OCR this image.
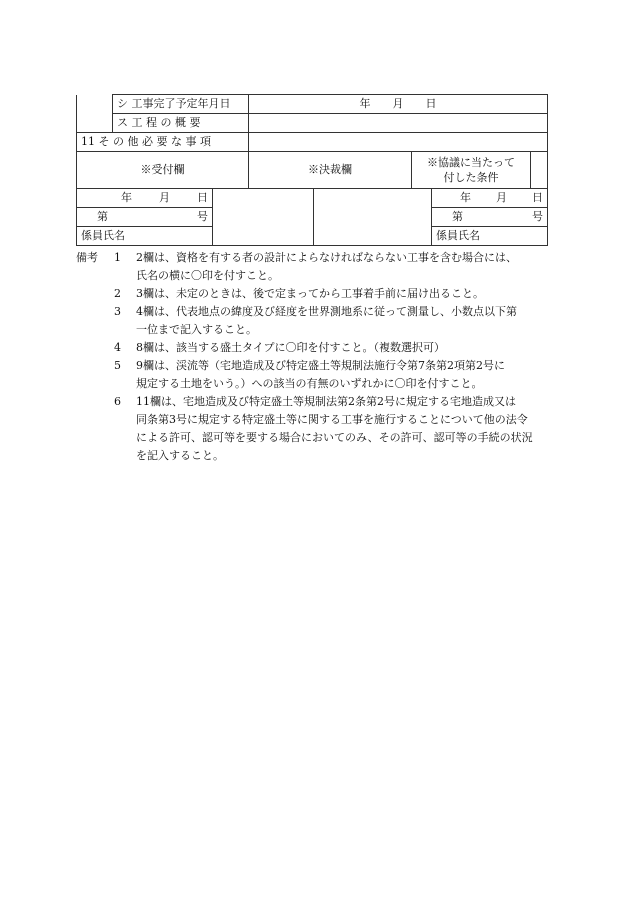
	シ 工事完了予定年月日	年　　月　　日		
	ス 工 程 の 概 要			
11 そ の 他 必 要 な 事 項				
※受付欄		※決裁欄	※協議に当たって
付した条件	
年 月 日			年 月 日

第 号			第 号

係員氏名			係員氏名
備考	1	2欄は、資格を有する者の設計によらなければならない工事を含む場合には、
氏名の横に〇印を付すこと。
2	3欄は、未定のときは、後で定まってから工事着手前に届け出ること。
3	4欄は、代表地点の緯度及び経度を世界測地系に従って測量し、小数点以下第
一位まで記入すること。
4	8欄は、該当する盛土タイプに〇印を付すこと。（複数選択可）
5	9欄は、渓流等（宅地造成及び特定盛土等規制法施行令第7条第2項第2号に
規定する土地をいう。）への該当の有無のいずれかに〇印を付すこと。
6	11欄は、宅地造成及び特定盛土等規制法第2条第2号に規定する宅地造成又は
同条第3号に規定する特定盛土等に関する工事を施行することについて他の法令
による許可、認可等を要する場合においてのみ、その許可、認可等の手続の状況
を記入すること。
